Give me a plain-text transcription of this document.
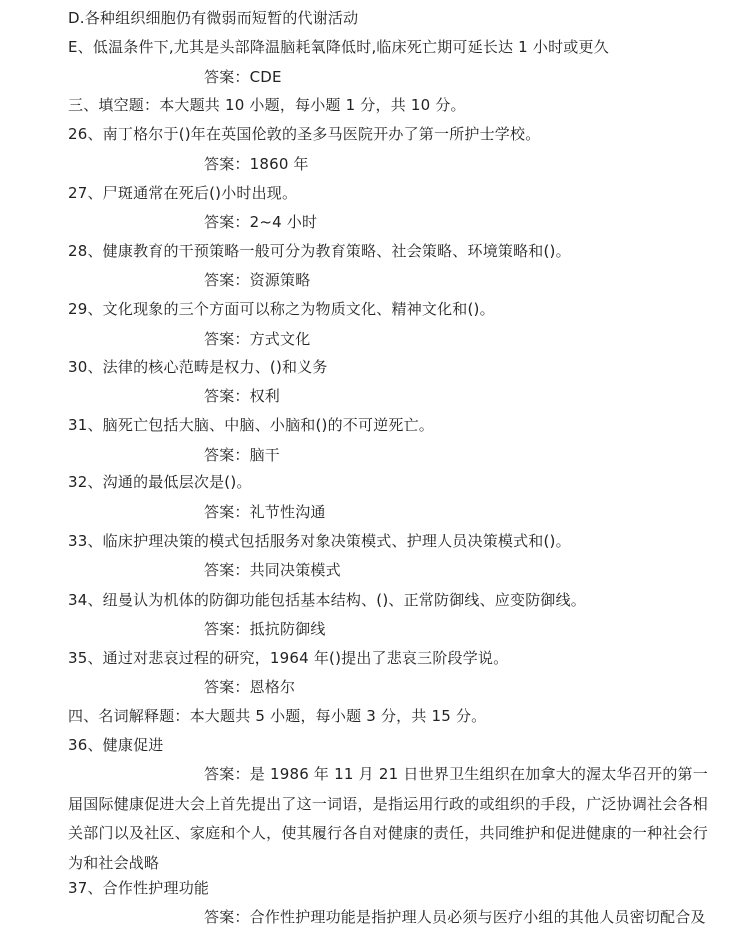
D.各种组织细胞仍有微弱而短暂的代谢活动
E、低温条件下,尤其是头部降温脑耗氧降低时,临床死亡期可延长达 1 小时或更久
答案：CDE
三、填空题：本大题共 10 小题，每小题 1 分，共 10 分。
26、南丁格尔于()年在英国伦敦的圣多马医院开办了第一所护士学校。
答案：1860 年
27、尸斑通常在死后()小时出现。
答案：2~4 小时
28、健康教育的干预策略一般可分为教育策略、社会策略、环境策略和()。
答案：资源策略
29、文化现象的三个方面可以称之为物质文化、精神文化和()。
答案：方式文化
30、法律的核心范畴是权力、()和义务
答案：权利
31、脑死亡包括大脑、中脑、小脑和()的不可逆死亡。
答案：脑干
32、沟通的最低层次是()。
答案：礼节性沟通
33、临床护理决策的模式包括服务对象决策模式、护理人员决策模式和()。
答案：共同决策模式
34、纽曼认为机体的防御功能包括基本结构、()、正常防御线、应变防御线。
答案：抵抗防御线
35、通过对悲哀过程的研究，1964 年()提出了悲哀三阶段学说。
答案：恩格尔
四、名词解释题：本大题共 5 小题，每小题 3 分，共 15 分。
36、健康促进
答案：是 1986 年 11 月 21 日世界卫生组织在加拿大的渥太华召开的第一届国际健康促进大会上首先提出了这一词语，是指运用行政的或组织的手段，广泛协调社会各相关部门以及社区、家庭和个人，使其履行各自对健康的责任，共同维护和促进健康的一种社会行为和社会战略
37、合作性护理功能
答案：合作性护理功能是指护理人员必须与医疗小组的其他人员密切配合及
